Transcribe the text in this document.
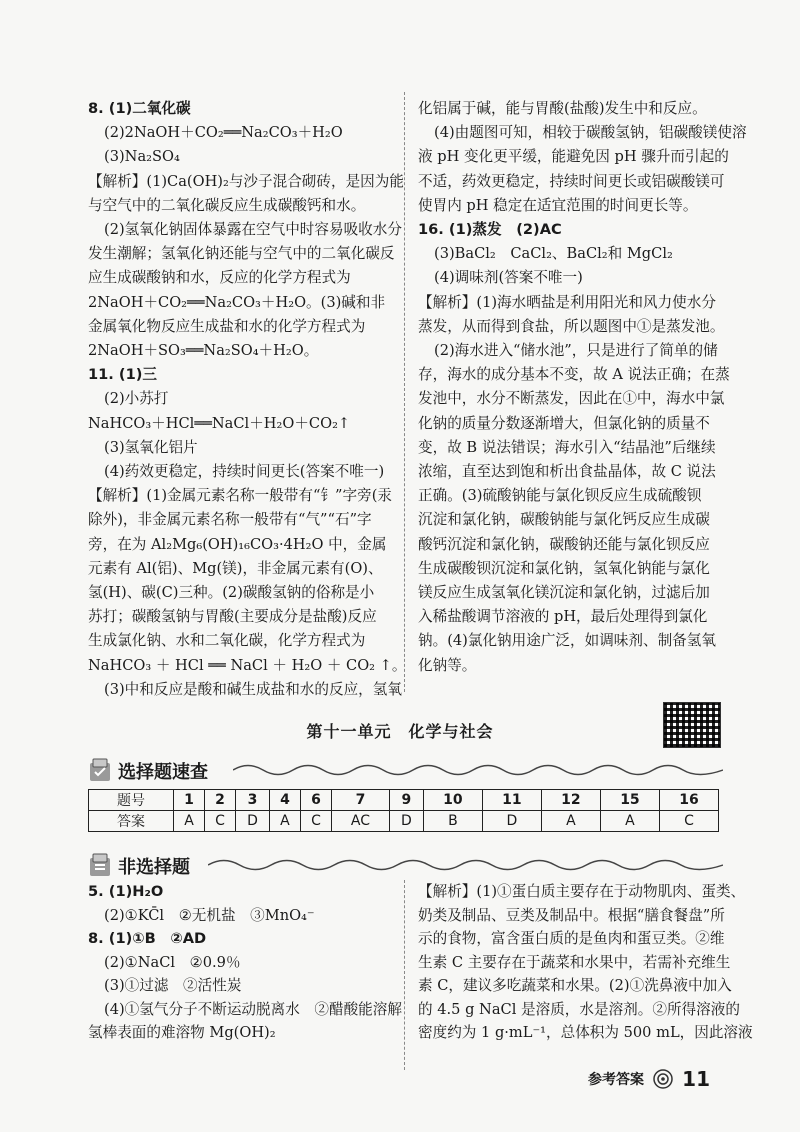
8. (1)二氧化碳

(2)2NaOH＋CO₂══Na₂CO₃＋H₂O

(3)Na₂SO₄

【解析】(1)Ca(OH)₂与沙子混合砌砖，是因为能

与空气中的二氧化碳反应生成碳酸钙和水。

(2)氢氧化钠固体暴露在空气中时容易吸收水分

发生潮解；氢氧化钠还能与空气中的二氧化碳反

应生成碳酸钠和水，反应的化学方程式为

2NaOH＋CO₂══Na₂CO₃＋H₂O。(3)碱和非

金属氧化物反应生成盐和水的化学方程式为

2NaOH＋SO₃══Na₂SO₄＋H₂O。

11. (1)三

(2)小苏打

NaHCO₃＋HCl══NaCl＋H₂O＋CO₂↑

(3)氢氧化铝片

(4)药效更稳定，持续时间更长(答案不唯一)

【解析】(1)金属元素名称一般带有“钅”字旁(汞

除外)，非金属元素名称一般带有“气”“石”字

旁，在为 Al₂Mg₆(OH)₁₆CO₃·4H₂O 中，金属

元素有 Al(铝)、Mg(镁)，非金属元素有(O)、

氢(H)、碳(C)三种。(2)碳酸氢钠的俗称是小

苏打；碳酸氢钠与胃酸(主要成分是盐酸)反应

生成氯化钠、水和二氧化碳，化学方程式为

NaHCO₃ ＋ HCl ══ NaCl ＋ H₂O ＋ CO₂ ↑。

(3)中和反应是酸和碱生成盐和水的反应，氢氧

化铝属于碱，能与胃酸(盐酸)发生中和反应。

(4)由题图可知，相较于碳酸氢钠，铝碳酸镁使溶

液 pH 变化更平缓，能避免因 pH 骤升而引起的

不适，药效更稳定，持续时间更长或铝碳酸镁可

使胃内 pH 稳定在适宜范围的时间更长等。

16. (1)蒸发　(2)AC

(3)BaCl₂　CaCl₂、BaCl₂和 MgCl₂

(4)调味剂(答案不唯一)

【解析】(1)海水晒盐是利用阳光和风力使水分

蒸发，从而得到食盐，所以题图中①是蒸发池。

(2)海水进入“储水池”，只是进行了简单的储

存，海水的成分基本不变，故 A 说法正确；在蒸

发池中，水分不断蒸发，因此在①中，海水中氯

化钠的质量分数逐渐增大，但氯化钠的质量不

变，故 B 说法错误；海水引入“结晶池”后继续

浓缩，直至达到饱和析出食盐晶体，故 C 说法

正确。(3)硫酸钠能与氯化钡反应生成硫酸钡

沉淀和氯化钠，碳酸钠能与氯化钙反应生成碳

酸钙沉淀和氯化钠，碳酸钠还能与氯化钡反应

生成碳酸钡沉淀和氯化钠，氢氧化钠能与氯化

镁反应生成氢氧化镁沉淀和氯化钠，过滤后加

入稀盐酸调节溶液的 pH，最后处理得到氯化

钠。(4)氯化钠用途广泛，如调味剂、制备氢氧

化钠等。

第十一单元　化学与社会
选择题速查
题号	1	2	3	4	6	7	9	10	11	12	15	16
答案	A	C	D	A	C	AC	D	B	D	A	A	C
非选择题

5. (1)H₂O

(2)①KC̄l　②无机盐　③MnO₄⁻

8. (1)①B　②AD

(2)①NaCl　②0.9％

(3)①过滤　②活性炭

(4)①氢气分子不断运动脱离水　②醋酸能溶解

氢棒表面的难溶物 Mg(OH)₂

【解析】(1)①蛋白质主要存在于动物肌肉、蛋类、

奶类及制品、豆类及制品中。根据“膳食餐盘”所

示的食物，富含蛋白质的是鱼肉和蛋豆类。②维

生素 C 主要存在于蔬菜和水果中，若需补充维生

素 C，建议多吃蔬菜和水果。(2)①洗鼻液中加入

的 4.5 g NaCl 是溶质，水是溶剂。②所得溶液的

密度约为 1 g·mL⁻¹，总体积为 500 mL，因此溶液

参考答案 11
